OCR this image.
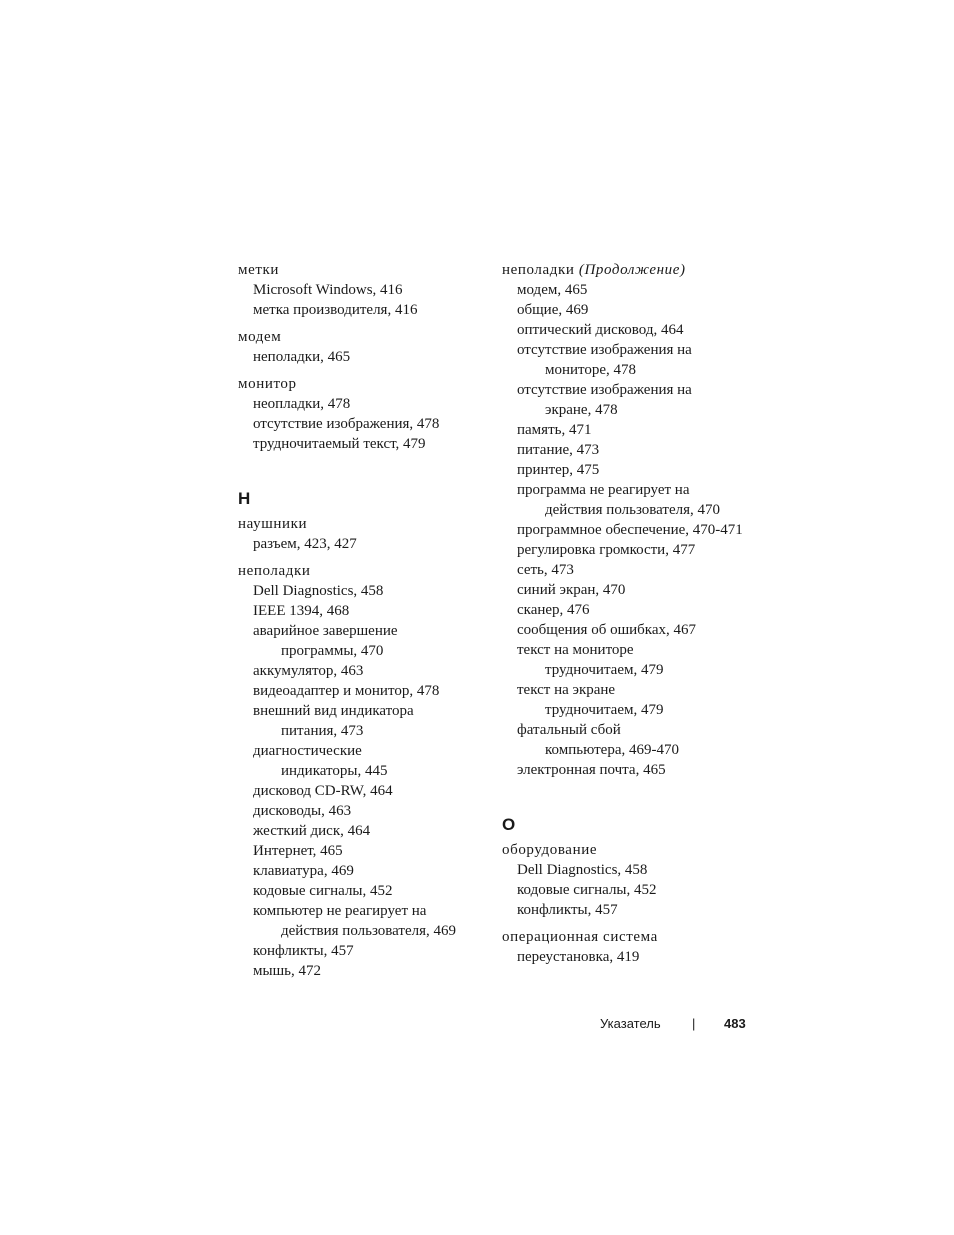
метки
Microsoft Windows, 416
метка производителя, 416
модем
неполадки, 465
монитор
неопладки, 478
отсутствие изображения, 478
трудночитаемый текст, 479
Н
наушники
разъем, 423, 427
неполадки
Dell Diagnostics, 458
IEEE 1394, 468
аварийное завершение
программы, 470
аккумулятор, 463
видеоадаптер и монитор, 478
внешний вид индикатора
питания, 473
диагностические
индикаторы, 445
дисковод CD-RW, 464
дисководы, 463
жесткий диск, 464
Интернет, 465
клавиатура, 469
кодовые сигналы, 452
компьютер не реагирует на
действия пользователя, 469
конфликты, 457
мышь, 472
неполадки (Продолжение)
модем, 465
общие, 469
оптический дисковод, 464
отсутствие изображения на
мониторе, 478
отсутствие изображения на
экране, 478
память, 471
питание, 473
принтер, 475
программа не реагирует на
действия пользователя, 470
программное обеспечение, 470-471
регулировка громкости, 477
сеть, 473
синий экран, 470
сканер, 476
сообщения об ошибках, 467
текст на мониторе
трудночитаем, 479
текст на экране
трудночитаем, 479
фатальный сбой
компьютера, 469-470
электронная почта, 465
О
оборудование
Dell Diagnostics, 458
кодовые сигналы, 452
конфликты, 457
операционная система
переустановка, 419
Указатель | 483
